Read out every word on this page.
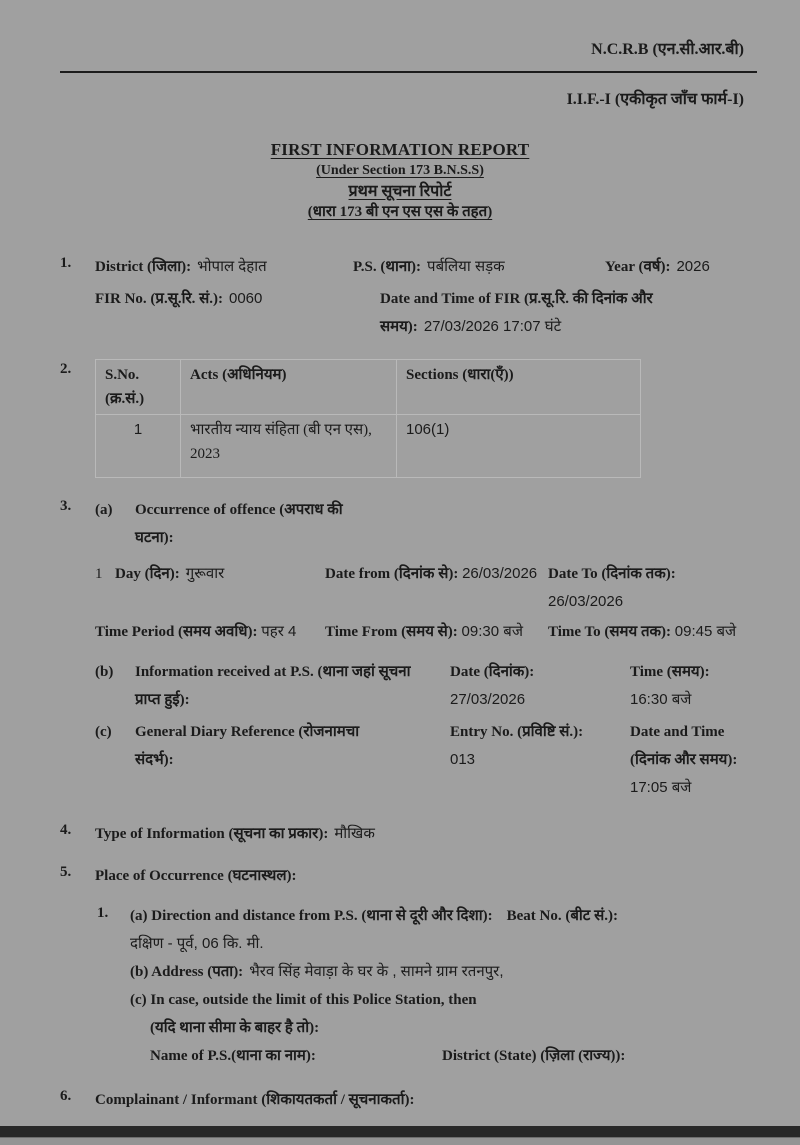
N.C.R.B (एन.सी.आर.बी)
I.I.F.-I (एकीकृत जाँच फार्म-I)
FIRST INFORMATION REPORT
(Under Section 173 B.N.S.S)
प्रथम सूचना रिपोर्ट
(धारा 173 बी एन एस एस के तहत)
1.	District (जिला): भोपाल देहात	P.S. (थाना): पर्बलिया सड़क	Year (वर्ष): 2026
FIR No. (प्र.सू.रि. सं.): 0060	Date and Time of FIR (प्र.सू.रि. की दिनांक और समय): 27/03/2026 17:07 घंटे
2.	S.No. (क्र.सं.)	Acts (अधिनियम)	Sections (धारा(एँ))
1	भारतीय न्याय संहिता (बी एन एस), 2023	106(1)
3.	(a)	Occurrence of offence (अपराध की घटना):
1 Day (दिन): गुरूवार	Date from (दिनांक से): 26/03/2026 Date To (दिनांक तक): 26/03/2026
Time Period (समय अवधि): पहर 4	Time From (समय से): 09:30 बजे	Time To (समय तक): 09:45 बजे
(b)	Information received at P.S. (थाना जहां सूचना प्राप्त हुई):
Date (दिनांक):
27/03/2026
Time (समय):
16:30 बजे
(c)	General Diary Reference (रोजनामचा संदर्भ):
Entry No. (प्रविष्टि सं.):
013
Date and Time (दिनांक और समय): 17:05 बजे
4.	Type of Information (सूचना का प्रकार): मौखिक
5.	Place of Occurrence (घटनास्थल):
1.	(a) Direction and distance from P.S. (थाना से दूरी और दिशा): Beat No. (बीट सं.):
दक्षिण - पूर्व, 06 कि. मी.
(b) Address (पता): भैरव सिंह मेवाड़ा के घर के , सामने ग्राम रतनपुर,
(c) In case, outside the limit of this Police Station, then
(यदि थाना सीमा के बाहर है तो):
Name of P.S.(थाना का नाम):	District (State) (ज़िला (राज्य)):
6.	Complainant / Informant (शिकायतकर्ता / सूचनाकर्ता):
